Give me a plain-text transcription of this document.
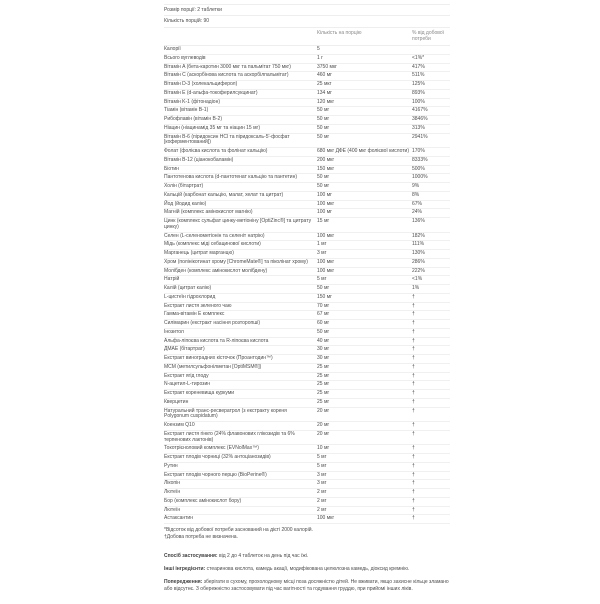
Розмір порції: 2 таблетки
Кількість порцій: 90
Кількість на порцію	% від добової потреби
Калорії	5
Всього вуглеводів	1 г	<1%*
Вітамін A (бета-каротин 3000 мкг та пальмітат 750 мкг)	3750 мкг	417%
Вітамін C (аскорбінова кислота та аскорбілпальмітат)	460 мг	511%
Вітамін D-3 (холекальциферол)	25 мкг	125%
Вітамін E (d-альфа-токоферилсукцинат)	134 мг	893%
Вітамін K-1 (фітонадіон)	120 мкг	100%
Тіамін (вітамін B-1)	50 мг	4167%
Рибофлавін (вітамін B-2)	50 мг	3846%
Ніацин (ніацинамід 35 мг та ніацин 15 мг)	50 мг	313%
Вітамін B-6 (піридоксин HCl та піридоксаль-5'-фосфат [коферментований])
50 мг	2941%
Фолат (фолієва кислота та фолінат кальцію)	680 мкг ДФЕ (400 мкг фолієвої кислоти) 170%
Вітамін B-12 (ціанокобаламін)	200 мкг	8333%
Біотин	150 мкг	500%
Пантотенова кислота (d-пантотенат кальцію та пантетин)	50 мг	1000%
Холін (бітартрат)	50 мг	9%
Кальцій (карбонат кальцію, малат, хелат та цитрат)	100 мг	8%
Йод (йодид калію)	100 мкг	67%
Магній (комплекс амінокислот магнію)	100 мг	24%
Цинк (комплекс сульфат цинку-метіоніну [OptiZinc®] та цитрату цинку)
15 мг	136%
Селен (L-селенометіонін та селеніт натрію)	100 мкг	182%
Мідь (комплекс міді себацинової кислоти)	1 мг	111%
Марганець (цитрат марганцю)	3 мг	130%
Хром (полінікотинат хрому [ChromeMate®] та піколінат хрому)	100 мкг	286%
Молібден (комплекс амінокислот молібдену)	100 мкг	222%
Натрій	5 мг	<1%
Калій (цитрат калію)	50 мг	1%
L-цистеїн гідрохлорид	150 мг	†
Екстракт листя зеленого чаю	70 мг	†
Гамма-вітамін E комплекс	67 мг	†
Силімарин (екстракт насіння розторопші)	60 мг	†
Інозитол	50 мг	†
Альфа-ліпоєва кислота та R-ліпоєва кислота	40 мг	†
ДМАЕ (бітартрат)	30 мг	†
Екстракт виноградних кісточок (Проантодин™)	30 мг	†
МСМ (метилсульфонілметан [OptiMSM®])	25 мг	†
Екстракт ягід глоду	25 мг	†
N-ацетил-L-тирозин	25 мг	†
Екстракт кореневища куркуми	25 мг	†
Кверцетин	25 мг	†
Натуральний транс-ресвератрол (з екстракту кореня Polygonum cuspidatum)
20 мг	†
Коензим Q10	20 мг	†
Екстракт листя гінкго (24% флавонових глікозидів та 6% терпенових лактонів)
20 мг	†
Токотрієноловий комплекс (EVNolMax™)	10 мг	†
Екстракт плодів чорниці (32% антоціанозидів)	5 мг	†
Рутин	5 мг	†
Екстракт плодів чорного перцю (BioPerine®)	3 мг	†
Лікопін	3 мг	†
Лютеїн	2 мг	†
Бор (комплекс амінокислот бору)	2 мг	†
Лютеїн	2 мг	†
Астаксантин	100 мкг	†
*Відсоток від добової потреби заснований на дієті 2000 калорій.
†Добова потреба не визначена.
Спосіб застосування: від 2 до 4 таблеток на день під час їжі.
Інші інгредієнти: стеаринова кислота, камедь акації, модифікована целюлозна камедь, діоксид кремнію.
Попередження: зберігати в сухому, прохолодному місці поза досяжністю дітей. Не вживати, якщо захисне кільце зламано або відсутнє. З обережністю застосовувати під час вагітності та годування груддю, при прийомі інших ліків.
